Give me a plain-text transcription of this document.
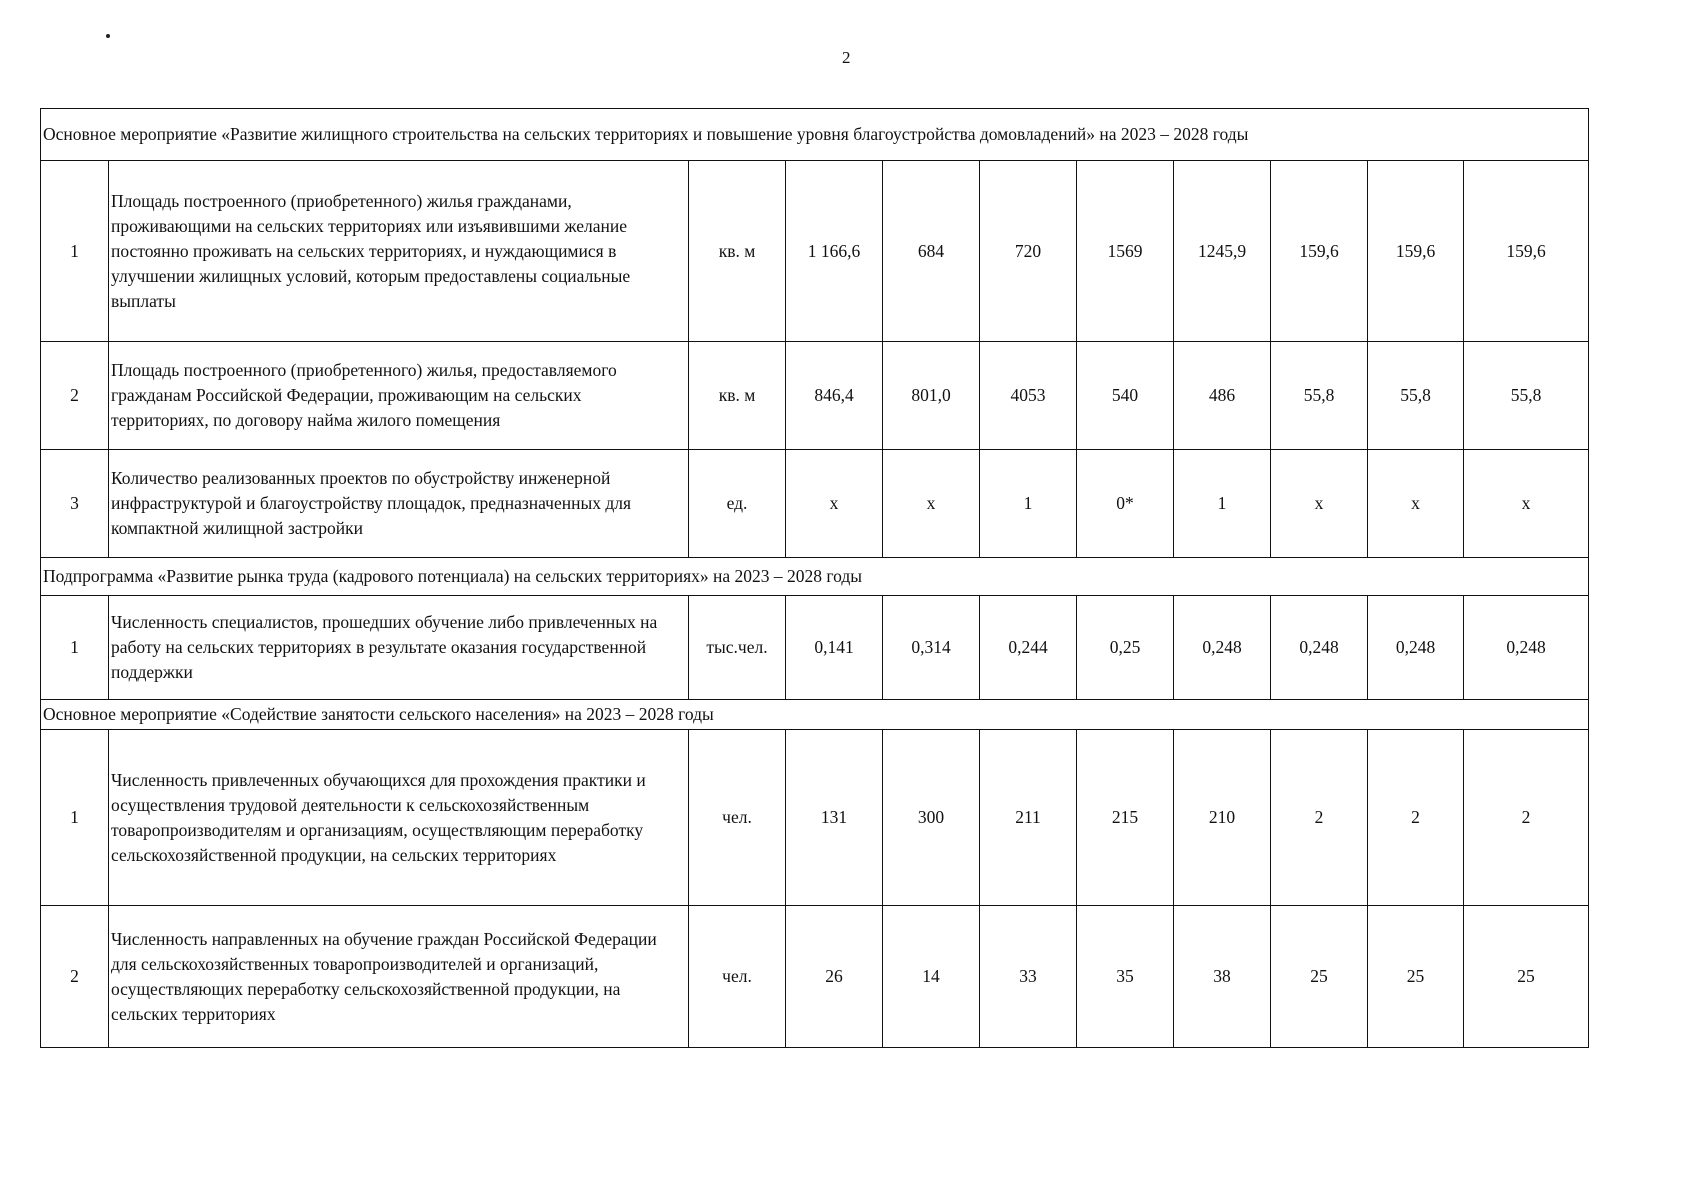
2
Основное мероприятие «Развитие жилищного строительства на сельских территориях и повышение уровня благоустройства домовладений» на 2023 – 2028 годы										
1	Площадь построенного (приобретенного) жилья гражданами, проживающими на сельских территориях или изъявившими желание постоянно проживать на сельских территориях, и нуждающимися в улучшении жилищных условий, которым предоставлены социальные выплаты	кв. м	1 166,6	684	720	1569	1245,9	159,6	159,6	159,6
2	Площадь построенного (приобретенного) жилья, предоставляемого гражданам Российской Федерации, проживающим на сельских территориях, по договору найма жилого помещения	кв. м	846,4	801,0	4053	540	486	55,8	55,8	55,8
3	Количество реализованных проектов по обустройству инженерной инфраструктурой и благоустройству площадок, предназначенных для компактной жилищной застройки	ед.	х	х	1	0*	1	х	х	х
Подпрограмма «Развитие рынка труда (кадрового потенциала) на сельских территориях» на 2023 – 2028 годы										
1	Численность специалистов, прошедших обучение либо привлеченных на работу на сельских территориях в результате оказания государственной поддержки	тыс.чел.	0,141	0,314	0,244	0,25	0,248	0,248	0,248	0,248
Основное мероприятие «Содействие занятости сельского населения» на 2023 – 2028 годы										
1	Численность привлеченных обучающихся для прохождения практики и осуществления трудовой деятельности к сельскохозяйственным товаропроизводителям и организациям, осуществляющим переработку сельскохозяйственной продукции, на сельских территориях	чел.	131	300	211	215	210	2	2	2
2	Численность направленных на обучение граждан Российской Федерации для сельскохозяйственных товаропроизводителей и организаций, осуществляющих переработку сельскохозяйственной продукции, на сельских территориях	чел.	26	14	33	35	38	25	25	25
